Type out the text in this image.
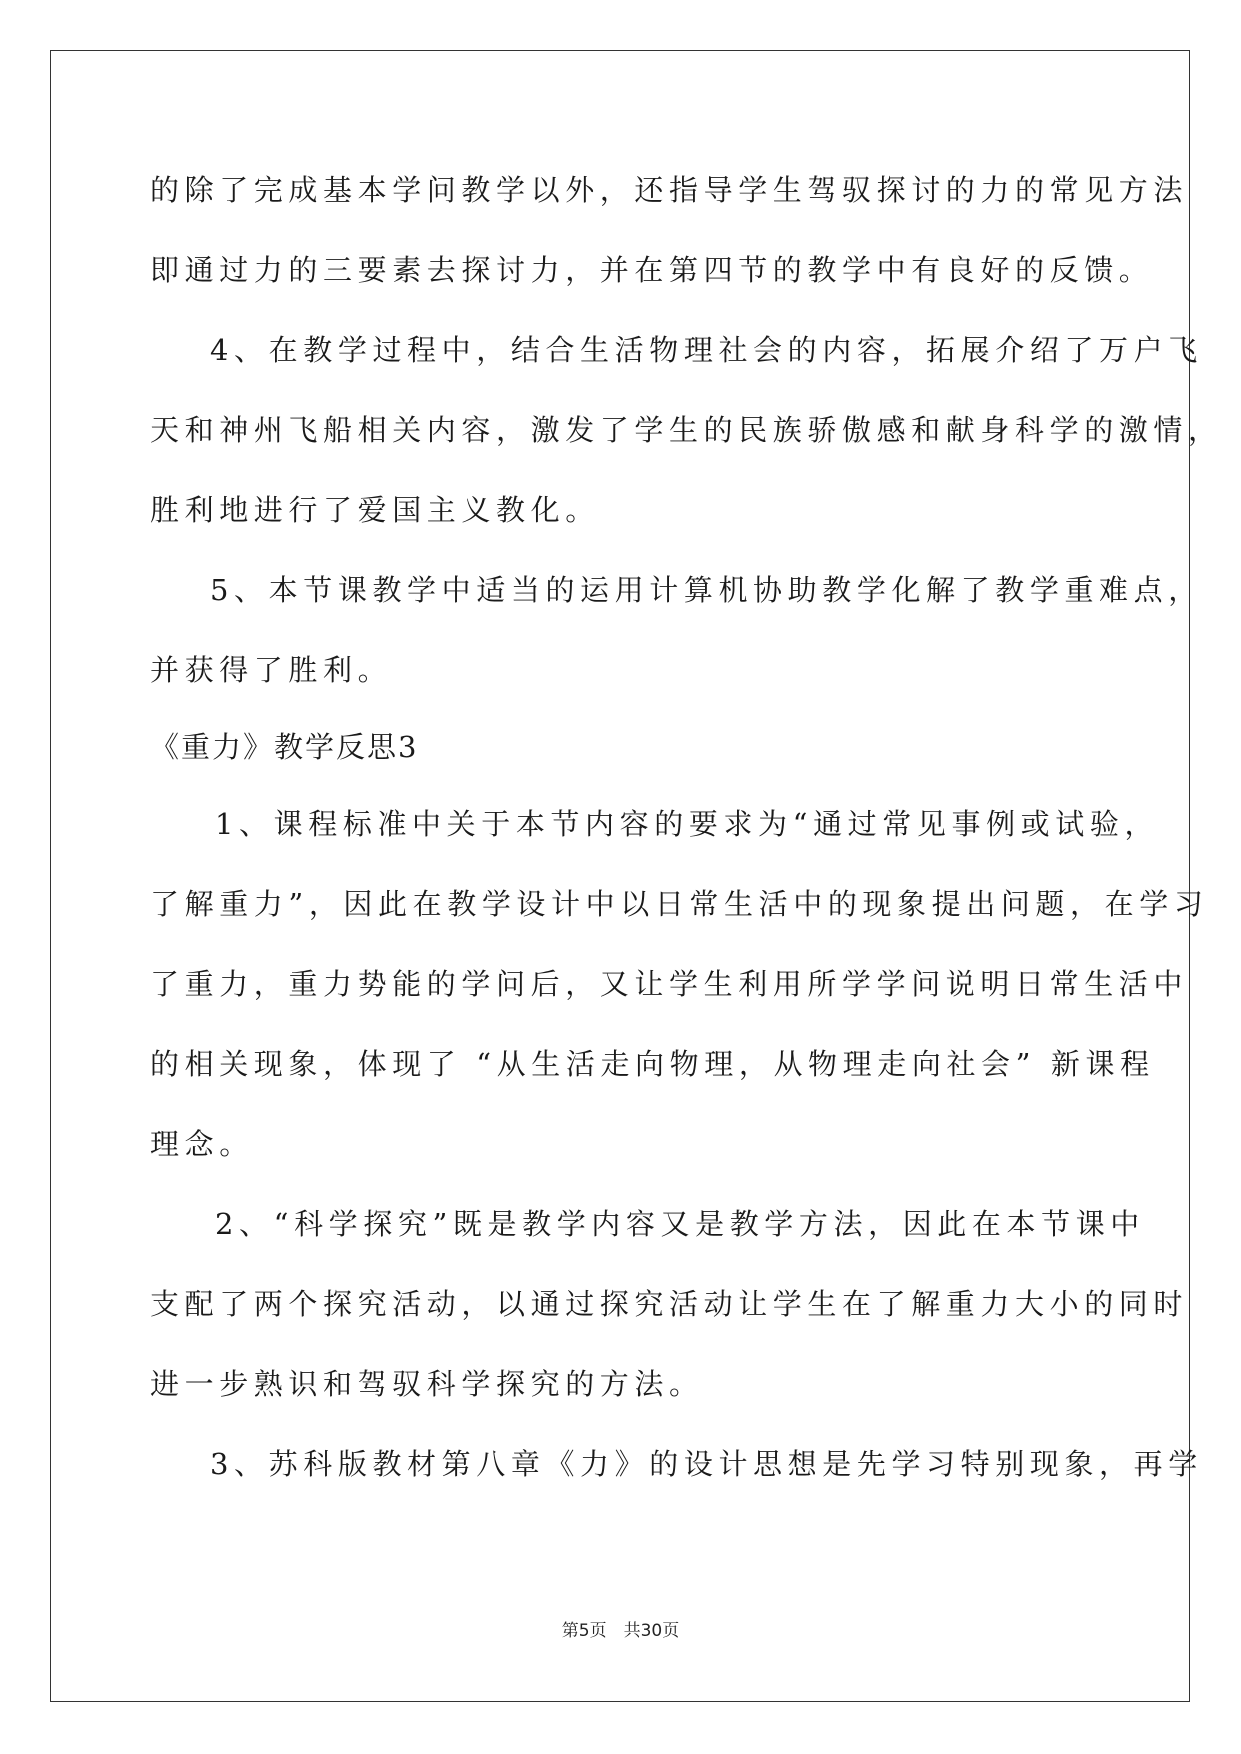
的除了完成基本学问教学以外，还指导学生驾驭探讨的力的常见方法
即通过力的三要素去探讨力，并在第四节的教学中有良好的反馈。
4、在教学过程中，结合生活物理社会的内容，拓展介绍了万户飞
天和神州飞船相关内容，激发了学生的民族骄傲感和献身科学的激情，
胜利地进行了爱国主义教化。
5、本节课教学中适当的运用计算机协助教学化解了教学重难点，
并获得了胜利。
《重力》教学反思3
1、课程标准中关于本节内容的要求为“通过常见事例或试验，
了解重力”，因此在教学设计中以日常生活中的现象提出问题，在学习
了重力，重力势能的学问后，又让学生利用所学学问说明日常生活中
的相关现象，体现了 “从生活走向物理，从物理走向社会” 新课程
理念。
2、“科学探究”既是教学内容又是教学方法，因此在本节课中
支配了两个探究活动，以通过探究活动让学生在了解重力大小的同时
进一步熟识和驾驭科学探究的方法。
3、苏科版教材第八章《力》的设计思想是先学习特别现象，再学
第5页　共30页
